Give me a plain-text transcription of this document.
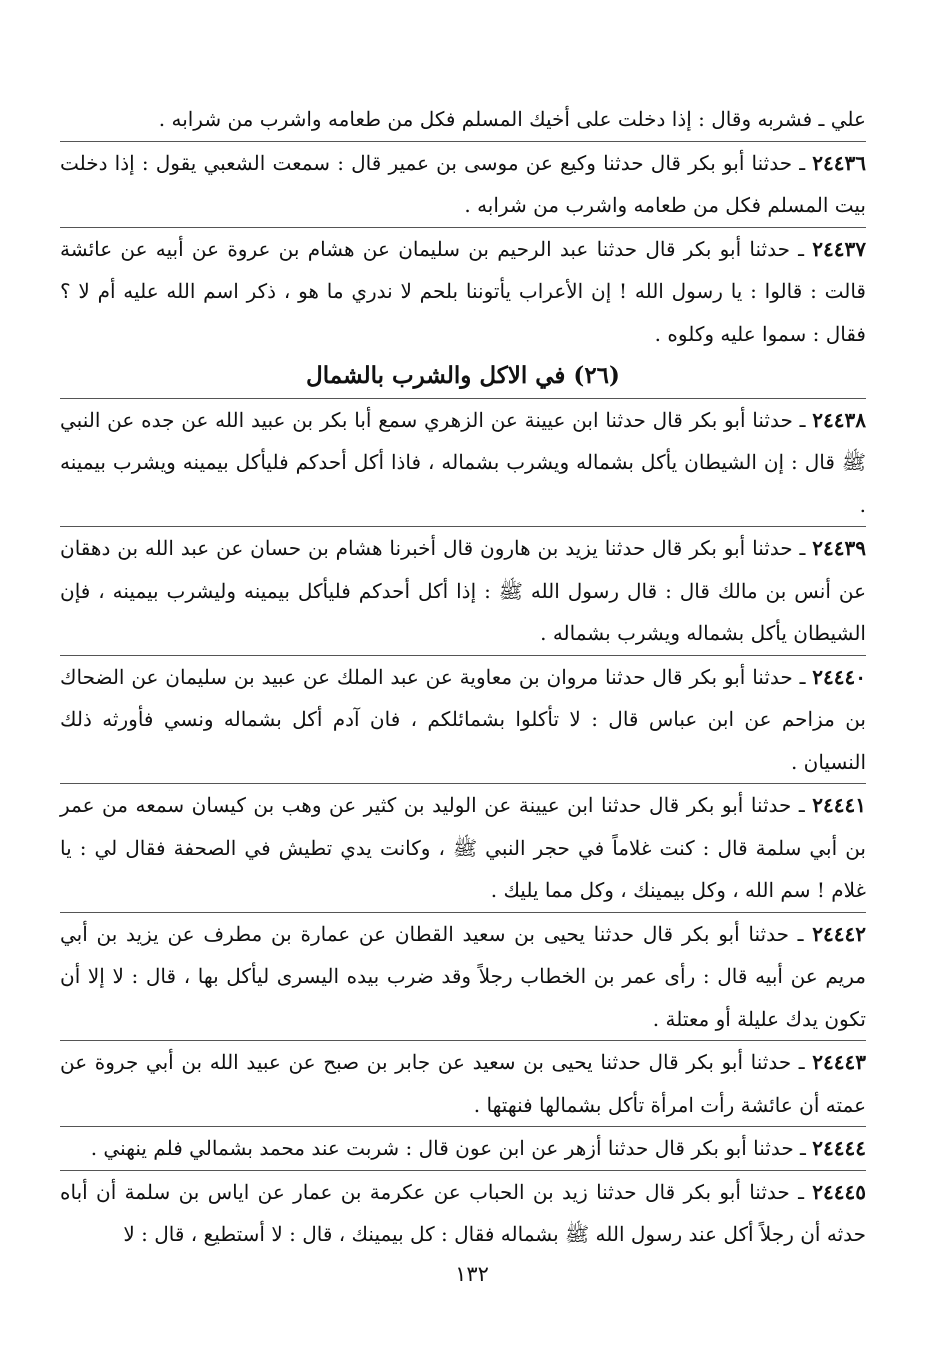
علي ـ فشربه وقال : إذا دخلت على أخيك المسلم فكل من طعامه واشرب من شرابه .

٢٤٤٣٦ ـ حدثنا أبو بكر قال حدثنا وكيع عن موسى بن عمير قال : سمعت الشعبي يقول : إذا دخلت بيت المسلم فكل من طعامه واشرب من شرابه .

٢٤٤٣٧ ـ حدثنا أبو بكر قال حدثنا عبد الرحيم بن سليمان عن هشام بن عروة عن أبيه عن عائشة قالت : قالوا : يا رسول الله ! إن الأعراب يأتوننا بلحم لا ندري ما هو ، ذكر اسم الله عليه أم لا ؟ فقال : سموا عليه وكلوه .

(٢٦) في الاكل والشرب بالشمال

٢٤٤٣٨ ـ حدثنا أبو بكر قال حدثنا ابن عيينة عن الزهري سمع أبا بكر بن عبيد الله عن جده عن النبي ﷺ قال : إن الشيطان يأكل بشماله ويشرب بشماله ، فاذا أكل أحدكم فليأكل بيمينه ويشرب بيمينه .

٢٤٤٣٩ ـ حدثنا أبو بكر قال حدثنا يزيد بن هارون قال أخبرنا هشام بن حسان عن عبد الله بن دهقان عن أنس بن مالك قال : قال رسول الله ﷺ : إذا أكل أحدكم فليأكل بيمينه وليشرب بيمينه ، فإن الشيطان يأكل بشماله ويشرب بشماله .

٢٤٤٤٠ ـ حدثنا أبو بكر قال حدثنا مروان بن معاوية عن عبد الملك عن عبيد بن سليمان عن الضحاك بن مزاحم عن ابن عباس قال : لا تأكلوا بشمائلكم ، فان آدم أكل بشماله ونسي فأورثه ذلك النسيان .

٢٤٤٤١ ـ حدثنا أبو بكر قال حدثنا ابن عيينة عن الوليد بن كثير عن وهب بن كيسان سمعه من عمر بن أبي سلمة قال : كنت غلاماً في حجر النبي ﷺ ، وكانت يدي تطيش في الصحفة فقال لي : يا غلام ! سم الله ، وكل بيمينك ، وكل مما يليك .

٢٤٤٤٢ ـ حدثنا أبو بكر قال حدثنا يحيى بن سعيد القطان عن عمارة بن مطرف عن يزيد بن أبي مريم عن أبيه قال : رأى عمر بن الخطاب رجلاً وقد ضرب بيده اليسرى ليأكل بها ، قال : لا إلا أن تكون يدك عليلة أو معتلة .

٢٤٤٤٣ ـ حدثنا أبو بكر قال حدثنا يحيى بن سعيد عن جابر بن صبح عن عبيد الله بن أبي جروة عن عمته أن عائشة رأت امرأة تأكل بشمالها فنهتها .

٢٤٤٤٤ ـ حدثنا أبو بكر قال حدثنا أزهر عن ابن عون قال : شربت عند محمد بشمالي فلم ينهني .

٢٤٤٤٥ ـ حدثنا أبو بكر قال حدثنا زيد بن الحباب عن عكرمة بن عمار عن اياس بن سلمة أن أباه حدثه أن رجلاً أكل عند رسول الله ﷺ بشماله فقال : كل بيمينك ، قال : لا أستطيع ، قال : لا

١٣٢
